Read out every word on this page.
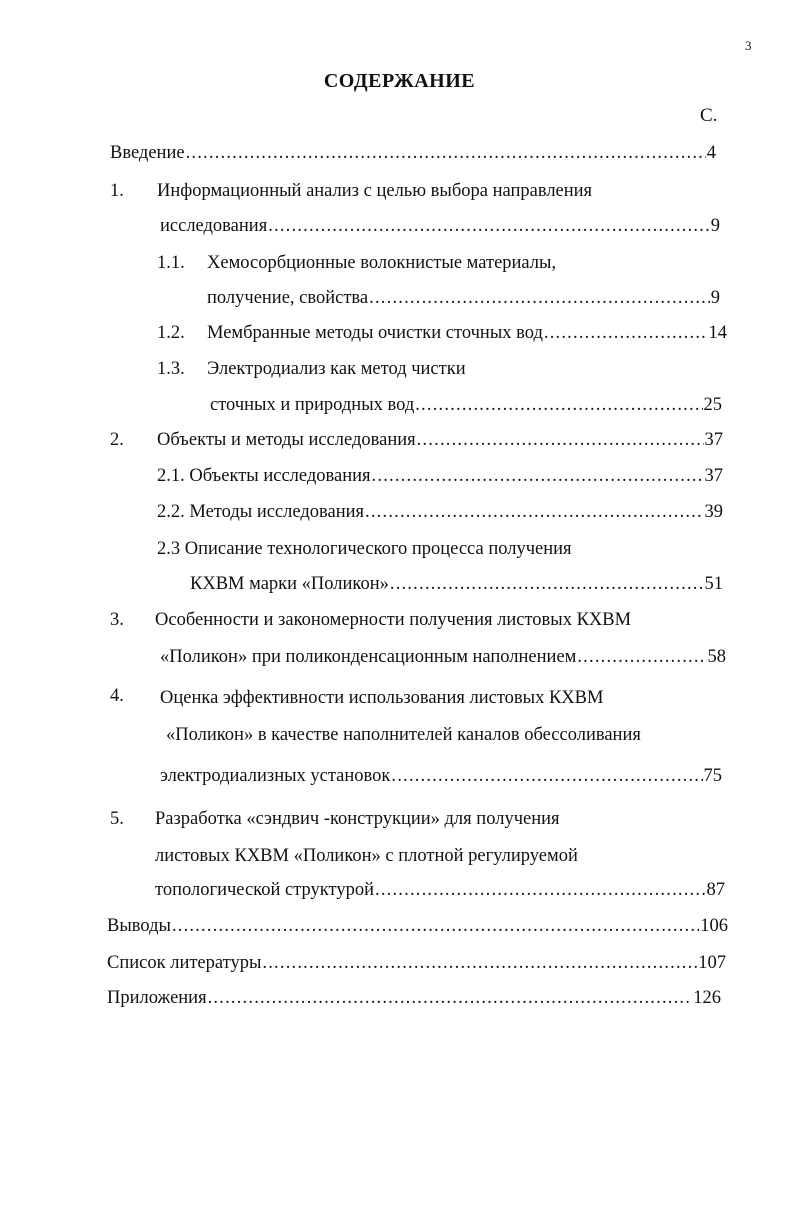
3
СОДЕРЖАНИЕ
С.
Введение .....	4
1. Информационный анализ с целью выбора направления
исследования .....	9
1.1. Хемосорбционные волокнистые материалы,
получение, свойства .....	9
1.2. Мембранные методы очистки сточных вод .....	14
1.3. Электродиализ как метод чистки
сточных и природных вод .....	25
2. Объекты и методы исследования .....	37
2.1. Объекты исследования .....	37
2.2. Методы исследования .....	39
2.3 Описание технологического процесса получения
КХВМ марки «Поликон» .....	51
3. Особенности и закономерности получения листовых КХВМ
«Поликон» при поликонденсационным наполнением .....	58
4. Оценка эффективности использования листовых КХВМ
«Поликон» в качестве наполнителей каналов обессоливания
электродиализных установок .....	75
5. Разработка «сэндвич -конструкции» для получения
листовых КХВМ «Поликон» с плотной регулируемой
топологической структурой .....	87
Выводы .....	106
Список литературы .....	107
Приложения .....	126
